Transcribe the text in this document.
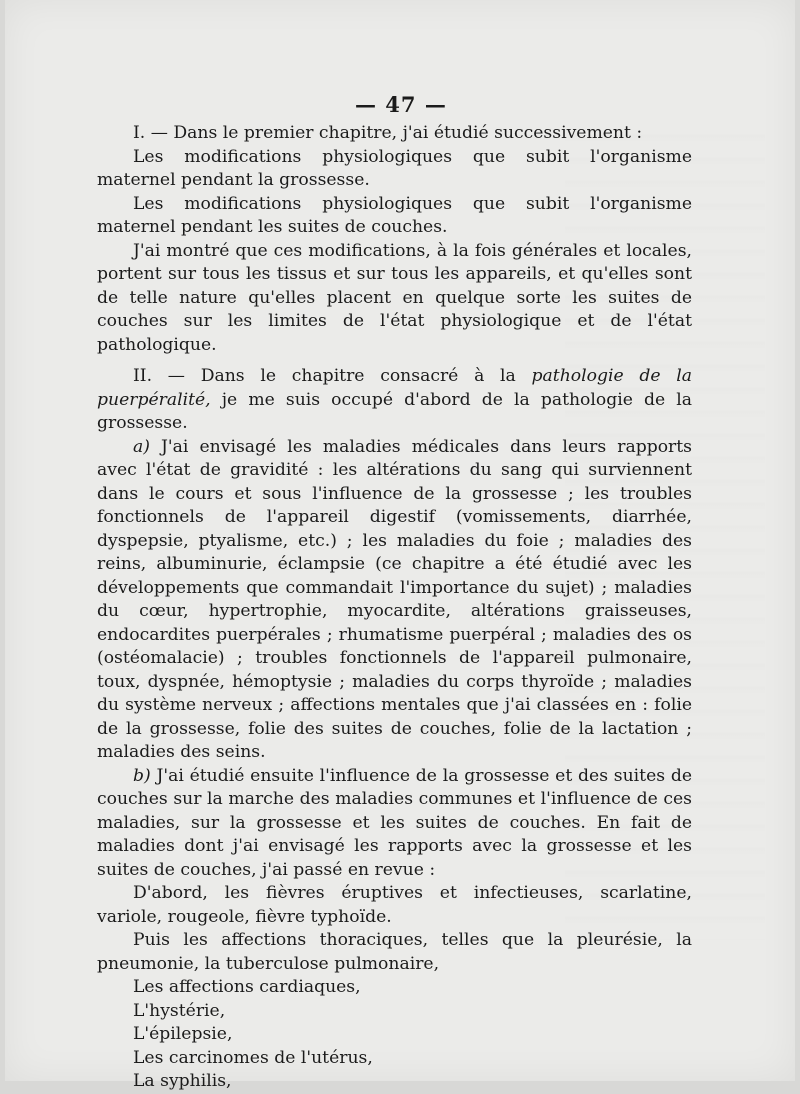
— 47 —

I. — Dans le premier chapitre, j'ai étudié successivement :

Les modifications physiologiques que subit l'organisme maternel pendant la grossesse.

Les modifications physiologiques que subit l'organisme maternel pendant les suites de couches.

J'ai montré que ces modifications, à la fois générales et locales, portent sur tous les tissus et sur tous les appareils, et qu'elles sont de telle nature qu'elles placent en quelque sorte les suites de couches sur les limites de l'état physiologique et de l'état pathologique.

II. — Dans le chapitre consacré à la pathologie de la puerpéralité, je me suis occupé d'abord de la pathologie de la grossesse.

a) J'ai envisagé les maladies médicales dans leurs rapports avec l'état de gravidité : les altérations du sang qui surviennent dans le cours et sous l'influence de la grossesse ; les troubles fonctionnels de l'appareil digestif (vomissements, diarrhée, dyspepsie, ptyalisme, etc.) ; les maladies du foie ; maladies des reins, albuminurie, éclampsie (ce chapitre a été étudié avec les développements que commandait l'importance du sujet) ; maladies du cœur, hypertrophie, myocardite, altérations graisseuses, endocardites puerpérales ; rhumatisme puerpéral ; maladies des os (ostéomalacie) ; troubles fonctionnels de l'appareil pulmonaire, toux, dyspnée, hémoptysie ; maladies du corps thyroïde ; maladies du système nerveux ; affections mentales que j'ai classées en : folie de la grossesse, folie des suites de couches, folie de la lactation ; maladies des seins.

b) J'ai étudié ensuite l'influence de la grossesse et des suites de couches sur la marche des maladies communes et l'influence de ces maladies, sur la grossesse et les suites de couches. En fait de maladies dont j'ai envisagé les rapports avec la grossesse et les suites de couches, j'ai passé en revue :

D'abord, les fièvres éruptives et infectieuses, scarlatine, variole, rougeole, fièvre typhoïde.

Puis les affections thoraciques, telles que la pleurésie, la pneumonie, la tuberculose pulmonaire,

Les affections cardiaques,

L'hystérie,

L'épilepsie,

Les carcinomes de l'utérus,

La syphilis,
